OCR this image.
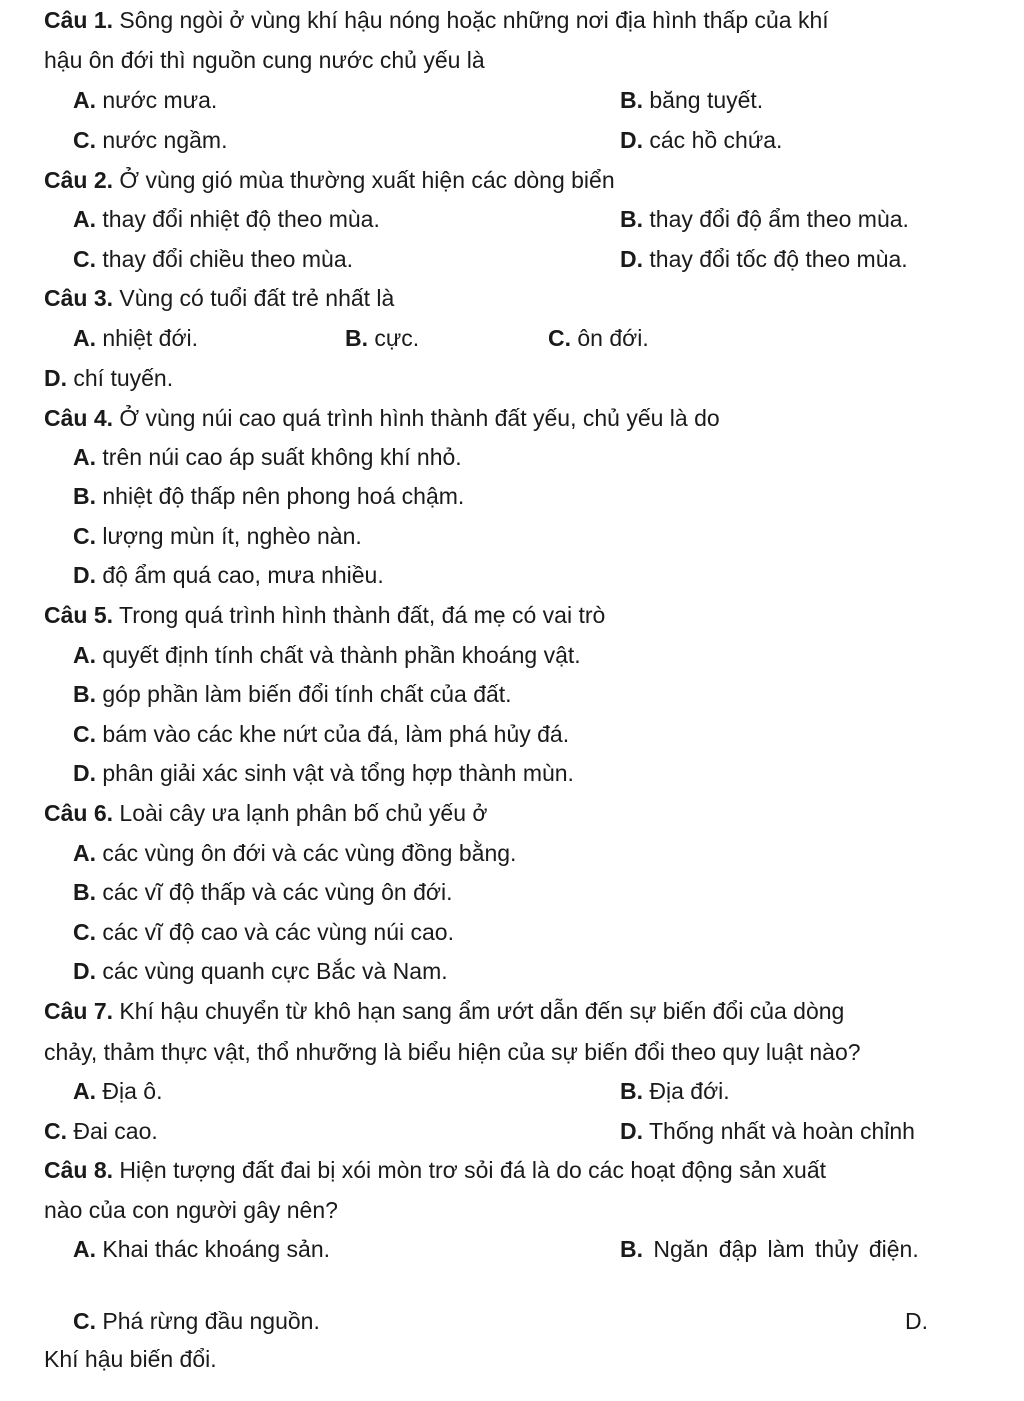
Câu 1. Sông ngòi ở vùng khí hậu nóng hoặc những nơi địa hình thấp của khí
hậu ôn đới thì nguồn cung nước chủ yếu là
A. nước mưa.	B. băng tuyết.
C. nước ngầm.	D. các hồ chứa.
Câu 2. Ở vùng gió mùa thường xuất hiện các dòng biển
A. thay đổi nhiệt độ theo mùa.	B. thay đổi độ ẩm theo mùa.
C. thay đổi chiều theo mùa.	D. thay đổi tốc độ theo mùa.
Câu 3. Vùng có tuổi đất trẻ nhất là
A. nhiệt đới.	B. cực.	C. ôn đới.
D. chí tuyến.
Câu 4. Ở vùng núi cao quá trình hình thành đất yếu, chủ yếu là do
A. trên núi cao áp suất không khí nhỏ.
B. nhiệt độ thấp nên phong hoá chậm.
C. lượng mùn ít, nghèo nàn.
D. độ ẩm quá cao, mưa nhiều.
Câu 5. Trong quá trình hình thành đất, đá mẹ có vai trò
A. quyết định tính chất và thành phần khoáng vật.
B. góp phần làm biến đổi tính chất của đất.
C. bám vào các khe nứt của đá, làm phá hủy đá.
D. phân giải xác sinh vật và tổng hợp thành mùn.
Câu 6. Loài cây ưa lạnh phân bố chủ yếu ở
A. các vùng ôn đới và các vùng đồng bằng.
B. các vĩ độ thấp và các vùng ôn đới.
C. các vĩ độ cao và các vùng núi cao.
D. các vùng quanh cực Bắc và Nam.
Câu 7. Khí hậu chuyển từ khô hạn sang ẩm ướt dẫn đến sự biến đổi của dòng
chảy, thảm thực vật, thổ nhưỡng là biểu hiện của sự biến đổi theo quy luật nào?
A. Địa ô.	B. Địa đới.
C. Đai cao.	D. Thống nhất và hoàn chỉnh
Câu 8. Hiện tượng đất đai bị xói mòn trơ sỏi đá là do các hoạt động sản xuất
nào của con người gây nên?
A. Khai thác khoáng sản.	B. Ngăn đập làm thủy điện.
C. Phá rừng đầu nguồn.	D.
Khí hậu biến đổi.
